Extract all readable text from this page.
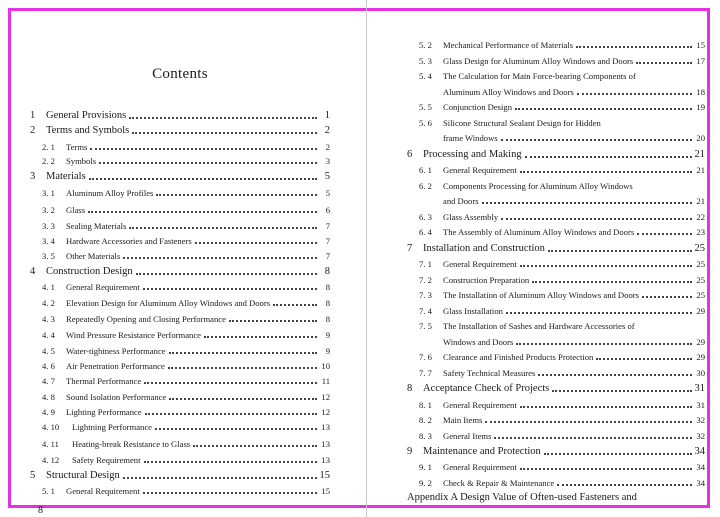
Contents
1	General Provisions	1
2	Terms and Symbols	2
2. 1	Terms	2
2. 2	Symbols	3
3	Materials	5
3. 1	Aluminum Alloy Profiles	5
3. 2	Glass	6
3. 3	Sealing Materials	7
3. 4	Hardware Accessories and Fasteners	7
3. 5	Other Materials	7
4	Construction Design	8
4. 1	General Requirement	8
4. 2	Elevation Design for Aluminum Alloy Windows and Doors	8
4. 3	Repeatedly Opening and Closing Performance	8
4. 4	Wind Pressure Resistance Performance	9
4. 5	Water-tightness Performance	9
4. 6	Air Penetration Performance	10
4. 7	Thermal Performance	11
4. 8	Sound Isolation Performance	12
4. 9	Lighting Performance	12
4. 10	Lightning Performance	13
4. 11	Heating-break Resistance to Glass	13
4. 12	Safety Requirement	13
5	Structural Design	15
5. 1	General Requirement	15
8
5. 2	Mechanical Performance of Materials	15
5. 3	Glass Design for Aluminum Alloy Windows and Doors	17
5. 4	The Calculation for Main Force-bearing Components of
Aluminum Alloy Windows and Doors	18
5. 5	Conjunction Design	19
5. 6	Silicone Structural Sealant Design for Hidden
frame Windows	20
6	Processing and Making	21
6. 1	General Requirement	21
6. 2	Components Processing for Aluminum Alloy Windows
and Doors	21
6. 3	Glass Assembly	22
6. 4	The Assembly of Aluminum Alloy Windows and Doors	23
7	Installation and Construction	25
7. 1	General Requirement	25
7. 2	Construction Preparation	25
7. 3	The Installation of Aluminum Alloy Windows and Doors	25
7. 4	Glass Installation	29
7. 5	The Installation of Sashes and Hardware Accessories of
Windows and Doors	29
7. 6	Clearance and Finished Products Protection	29
7. 7	Safety Technical Measures	30
8	Acceptance Check of Projects	31
8. 1	General Requirement	31
8. 2	Main Items	32
8. 3	General Items	32
9	Maintenance and Protection	34
9. 1	General Requirement	34
9. 2	Check & Repair & Maintenance	34
Appendix A Design Value of Often-used Fasteners and
